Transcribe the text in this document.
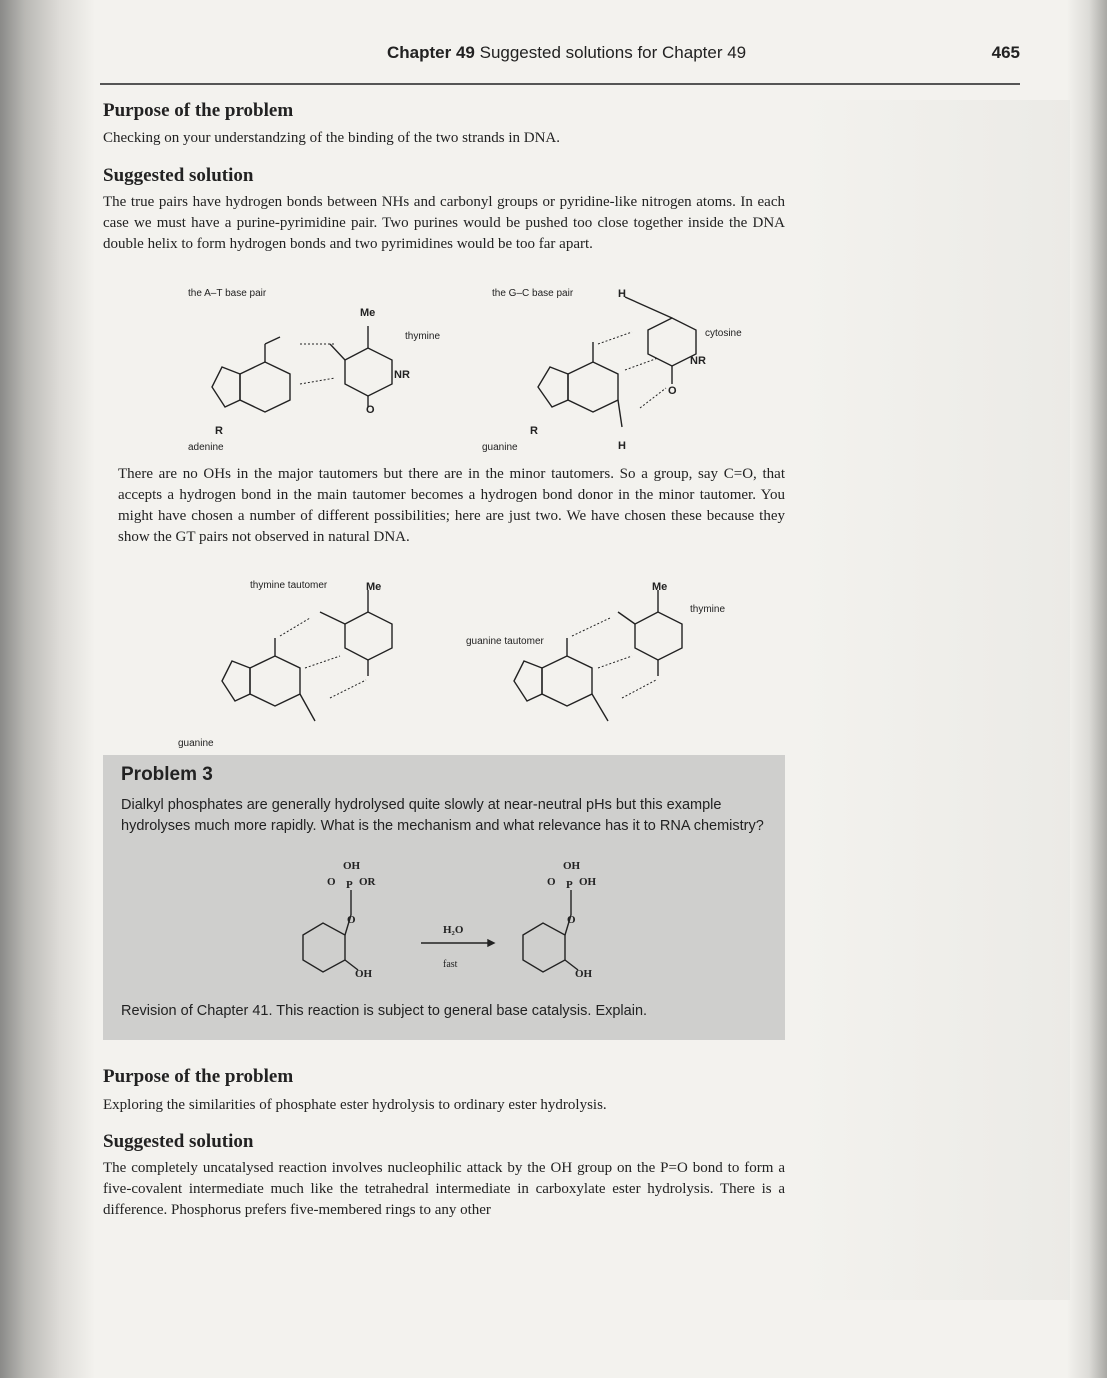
Chapter 49 Suggested solutions for Chapter 49	465
Purpose of the problem

Checking on your understandzing of the binding of the two strands in DNA.

Suggested solution

The true pairs have hydrogen bonds between NHs and carbonyl groups or pyridine-like nitrogen atoms. In each case we must have a purine-pyrimidine pair. Two purines would be pushed too close together inside the DNA double helix to form hydrogen bonds and two pyrimidines would be too far apart.

the A–T base pair	the G–C base pair
adenine
thymine
guanine
cytosine
Me
NR
R	R
NR
H
H
O
O

There are no OHs in the major tautomers but there are in the minor tautomers. So a group, say C=O, that accepts a hydrogen bond in the main tautomer becomes a hydrogen bond donor in the minor tautomer. You might have chosen a number of different possibilities; here are just two. We have chosen these because they show the GT pairs not observed in natural DNA.

thymine tautomer
guanine tautomer
guanine
thymine
Me	Me
Problem 3

Dialkyl phosphates are generally hydrolysed quite slowly at near-neutral pHs but this example hydrolyses much more rapidly. What is the mechanism and what relevance has it to RNA chemistry?

OH
O P OR
O
OH
H₂O
OH
O P OH
O
OH
fast

Revision of Chapter 41. This reaction is subject to general base catalysis. Explain.

Purpose of the problem

Exploring the similarities of phosphate ester hydrolysis to ordinary ester hydrolysis.

Suggested solution

The completely uncatalysed reaction involves nucleophilic attack by the OH group on the P=O bond to form a five-covalent intermediate much like the tetrahedral intermediate in carboxylate ester hydrolysis. There is a difference. Phosphorus prefers five-membered rings to any other
